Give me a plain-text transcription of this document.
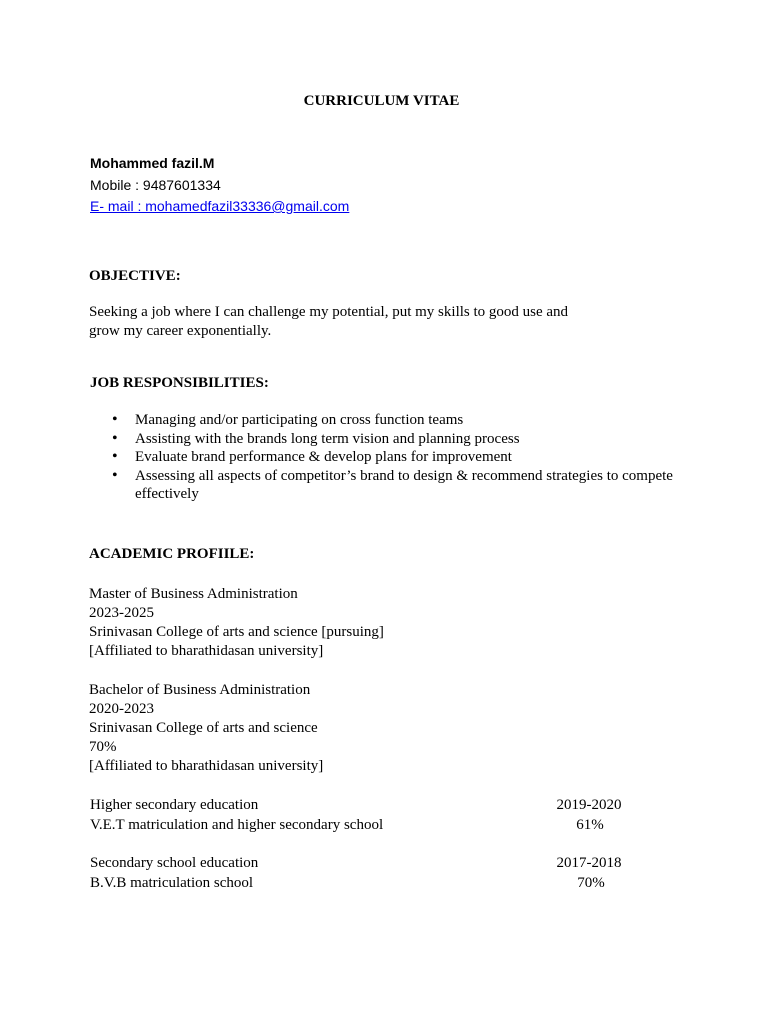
CURRICULUM VITAE
Mohammed fazil.M
Mobile : 9487601334
E- mail : mohamedfazil33336@gmail.com
OBJECTIVE:
Seeking a job where I can challenge my potential, put my skills to good use and grow my career exponentially.
JOB RESPONSIBILITIES:
• Managing and/or participating on cross function teams
• Assisting with the brands long term vision and planning process
• Evaluate brand performance & develop plans for improvement
• Assessing all aspects of competitor’s brand to design & recommend strategies to compete effectively
ACADEMIC PROFIILE:
Master of Business Administration
2023-2025
Srinivasan College of arts and science [pursuing]
[Affiliated to bharathidasan university]
Bachelor of Business Administration
2020-2023
Srinivasan College of arts and science
70%
[Affiliated to bharathidasan university]
Higher secondary education
V.E.T matriculation and higher secondary school
2019-2020
61%
Secondary school education
B.V.B matriculation school
2017-2018
70%
